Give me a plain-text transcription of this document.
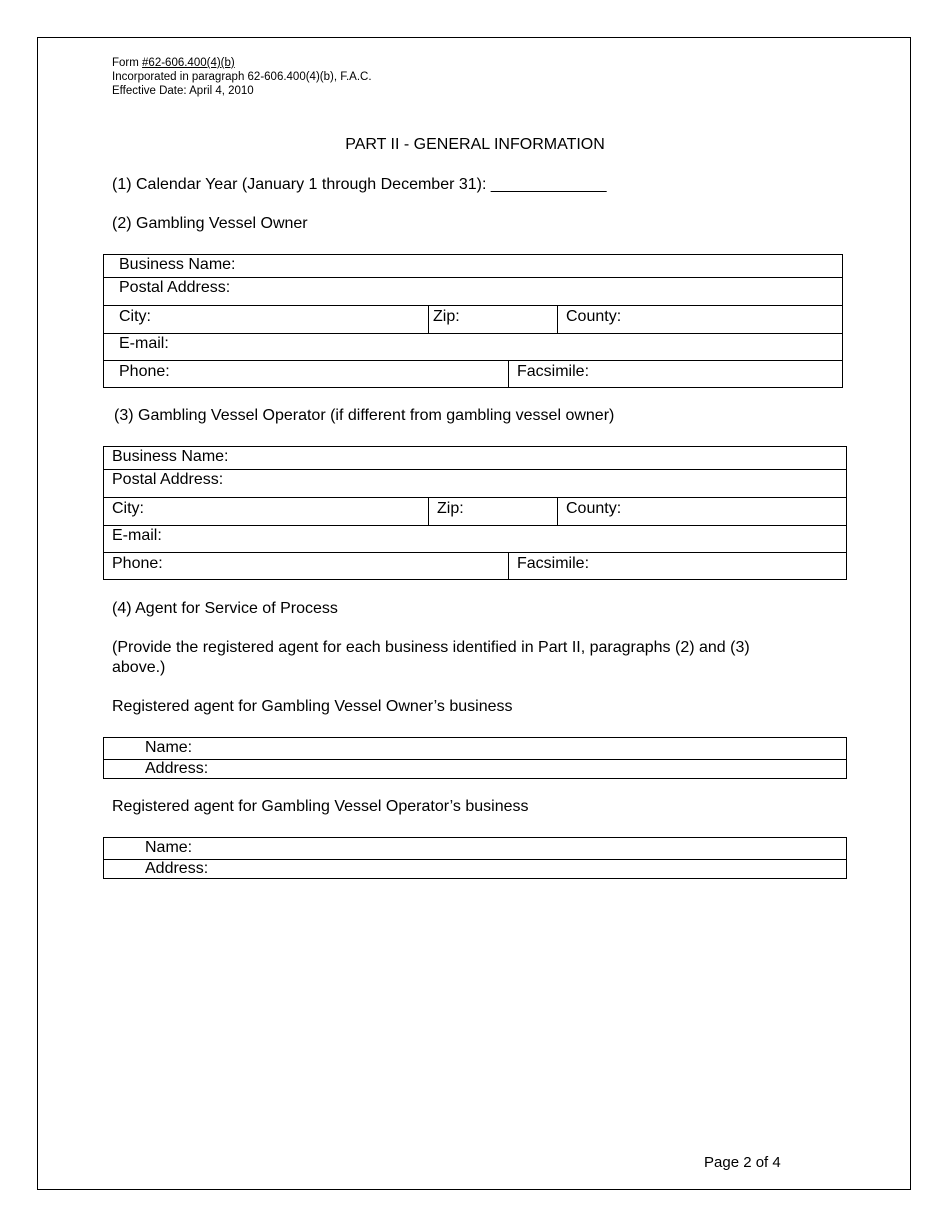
Form #62-606.400(4)(b)
Incorporated in paragraph 62-606.400(4)(b), F.A.C.
Effective Date: April 4, 2010
PART II - GENERAL INFORMATION
(1) Calendar Year (January 1 through December 31): _____________
(2) Gambling Vessel Owner
Business Name:
Postal Address:
City:	Zip:	County:
E-mail:
Phone:	Facsimile:
(3) Gambling Vessel Operator (if different from gambling vessel owner)
Business Name:
Postal Address:
City:	Zip:	County:
E-mail:
Phone:	Facsimile:
(4) Agent for Service of Process
(Provide the registered agent for each business identified in Part II, paragraphs (2) and (3)
above.)
Registered agent for Gambling Vessel Owner’s business
Name:
Address:
Registered agent for Gambling Vessel Operator’s business
Name:
Address:
Page 2 of 4
